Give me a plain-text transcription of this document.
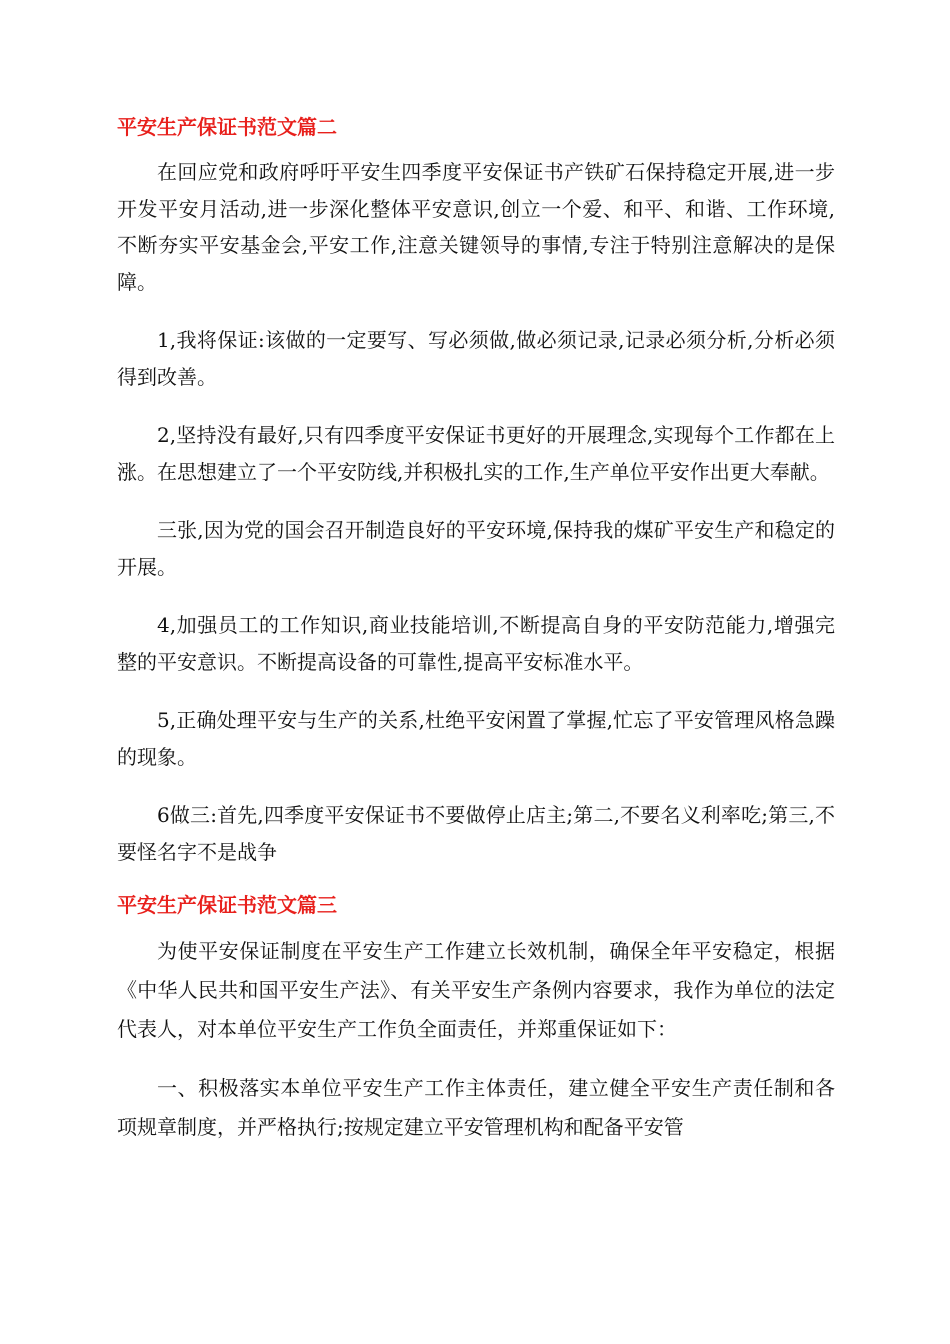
平安生产保证书范文篇二

在回应党和政府呼吁平安生四季度平安保证书产铁矿石保持稳定开展,进一步开发平安月活动,进一步深化整体平安意识,创立一个爱、和平、和谐、工作环境,不断夯实平安基金会,平安工作,注意关键领导的事情,专注于特别注意解决的是保障。

1,我将保证:该做的一定要写、写必须做,做必须记录,记录必须分析,分析必须得到改善。

2,坚持没有最好,只有四季度平安保证书更好的开展理念,实现每个工作都在上涨。在思想建立了一个平安防线,并积极扎实的工作,生产单位平安作出更大奉献。

三张,因为党的国会召开制造良好的平安环境,保持我的煤矿平安生产和稳定的开展。

4,加强员工的工作知识,商业技能培训,不断提高自身的平安防范能力,增强完整的平安意识。不断提高设备的可靠性,提高平安标准水平。

5,正确处理平安与生产的关系,杜绝平安闲置了掌握,忙忘了平安管理风格急躁的现象。

6做三:首先,四季度平安保证书不要做停止店主;第二,不要名义利率吃;第三,不要怪名字不是战争

平安生产保证书范文篇三

为使平安保证制度在平安生产工作建立长效机制，确保全年平安稳定，根据《中华人民共和国平安生产法》、有关平安生产条例内容要求，我作为单位的法定代表人，对本单位平安生产工作负全面责任，并郑重保证如下：

一、积极落实本单位平安生产工作主体责任，建立健全平安生产责任制和各项规章制度，并严格执行;按规定建立平安管理机构和配备平安管
